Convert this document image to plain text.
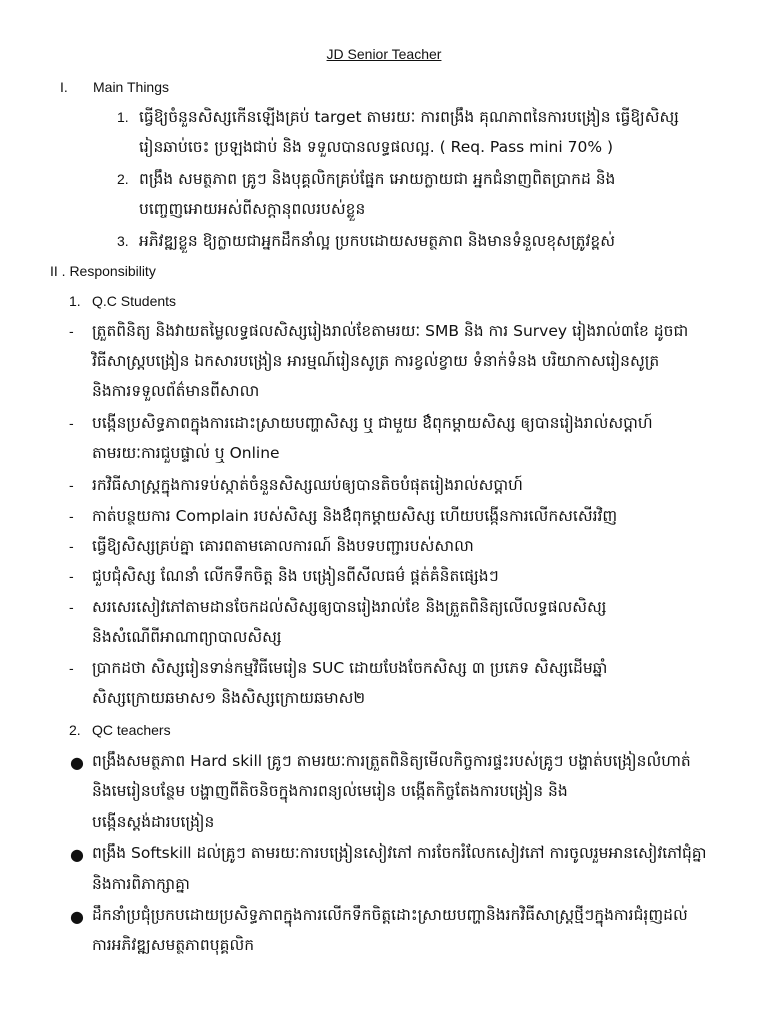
JD Senior Teacher
I. Main Things
1. ធ្វើឱ្យចំនួនសិស្សកើនឡើងគ្រប់ target តាមរយៈ ការពង្រឹង គុណភាពនៃការបង្រៀន ធ្វើឱ្យសិស្ស
រៀនឆាប់ចេះ ប្រឡងជាប់ និង ទទួលបានលទ្ធផលល្អ. ( Req. Pass mini 70% )
2. ពង្រឹង សមត្ថភាព គ្រូៗ និងបុគ្គលិកគ្រប់ផ្នែក អោយក្លាយជា អ្នកជំនាញពិតប្រាកដ និង
បញ្ចេញអោយអស់ពីសក្តានុពលរបស់ខ្លួន
3. អភិវឌ្ឍខ្លួន ឱ្យក្លាយជាអ្នកដឹកនាំល្អ ប្រកបដោយសមត្ថភាព និងមានទំនួលខុសត្រូវខ្ពស់
II . Responsibility
1. Q.C Students
- ត្រួតពិនិត្យ និងវាយតម្លៃលទ្ធផលសិស្សរៀងរាល់ខែតាមរយៈ SMB និង ការ Survey រៀងរាល់៣ខែ ដូចជា
វិធីសាស្រ្តបង្រៀន ឯកសារបង្រៀន អារម្មណ៍រៀនសូត្រ ការខ្វល់ខ្វាយ ទំនាក់ទំនង បរិយាកាសរៀនសូត្រ
និងការទទួលព័ត៌មានពីសាលា
- បង្កើនប្រសិទ្ធភាពក្នុងការដោះស្រាយបញ្ហាសិស្ស ឬ ជាមួយ ឳពុកម្តាយសិស្ស ឲ្យបានរៀងរាល់សប្តាហ៍
តាមរយៈការជួបផ្ទាល់ ឬ Online
- រកវិធីសាស្ត្រក្នុងការទប់ស្កាត់ចំនួនសិស្សឈប់ឲ្យបានតិចបំផុតរៀងរាល់សប្តាហ៍
- កាត់បន្ថយការ Complain របស់សិស្ស និងឳពុកម្តាយសិស្ស ហើយបង្កើនការលើកសសើរវិញ
- ធ្វើឱ្យសិស្សគ្រប់គ្នា គោរពតាមគោលការណ៍ និងបទបញ្ជារបស់សាលា
- ជួបជុំសិស្ស ណែនាំ លើកទឹកចិត្ត និង បង្រៀនពីសីលធម៌ ផ្តត់គំនិតផ្សេងៗ
- សរសេរសៀវភៅតាមដានចែកដល់សិស្សឲ្យបានរៀងរាល់ខែ និងត្រួតពិនិត្យលើលទ្ធផលសិស្ស
និងសំណើពីអាណាព្យាបាលសិស្ស
- ប្រាកដថា សិស្សរៀនទាន់កម្មវិធីមេរៀន SUC ដោយបែងចែកសិស្ស ៣ ប្រភេទ សិស្សដើមឆ្នាំ
សិស្សក្រោយឆមាស១ និងសិស្សក្រោយឆមាស២
2. QC teachers
● ពង្រឹងសមត្ថភាព Hard skill គ្រូៗ តាមរយៈការត្រួតពិនិត្យមើលកិច្ចការផ្ទះរបស់គ្រូៗ បង្ហាត់បង្រៀនលំហាត់
និងមេរៀនបន្ថែម បង្ហាញពីតិចនិចក្នុងការពន្យល់មេរៀន បង្កើតកិច្ចតែងការបង្រៀន និង
បង្កើនស្តង់ដារបង្រៀន
● ពង្រឹង Softskill ដល់គ្រូៗ តាមរយៈការបង្រៀនសៀវភៅ ការចែករំលែកសៀវភៅ ការចូលរួមអានសៀវភៅជុំគ្នា
និងការពិភាក្សាគ្នា
● ដឹកនាំប្រជុំប្រកបដោយប្រសិទ្ធភាពក្នុងការលើកទឹកចិត្តដោះស្រាយបញ្ហានិងរកវិធីសាស្ត្រថ្មីៗក្នុងការជំរុញដល់
ការអភិវឌ្ឍសមត្ថភាពបុគ្គលិក
